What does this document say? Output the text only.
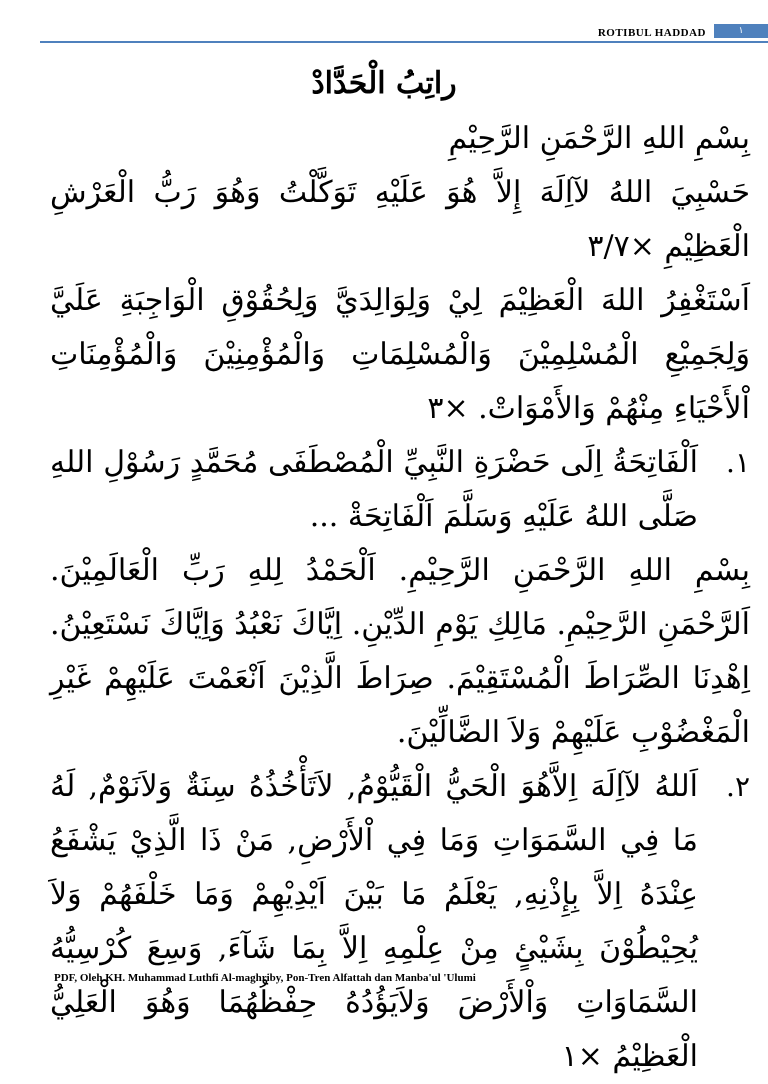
ROTIBUL HADDAD	١
راتِبُ الْحَدَّادْ

بِسْمِ اللهِ الرَّحْمَنِ الرَّحِيْمِ

حَسْبِيَ اللهُ لآاِلَهَ إِلاَّ هُوَ عَلَيْهِ تَوَكَّلْتُ وَهُوَ رَبُّ الْعَرْشِ الْعَظِيْمِ ×٣/٧

اَسْتَغْفِرُ اللهَ الْعَظِيْمَ لِيْ وَلِوَالِدَيَّ وَلِحُقُوْقِ الْوَاجِبَةِ عَلَيَّ وَلِجَمِيْعِ الْمُسْلِمِيْنَ وَالْمُسْلِمَاتِ وَالْمُؤْمِنِيْنَ وَالْمُؤْمِنَاتِ اْلأَحْيَاءِ مِنْهُمْ وَالأَمْوَاتْ. ×٣

١.

اَلْفَاتِحَةُ اِلَى حَضْرَةِ النَّبِيِّ الْمُصْطَفَى مُحَمَّدٍ رَسُوْلِ اللهِ صَلَّى اللهُ عَلَيْهِ وَسَلَّمَ اَلْفَاتِحَةْ ...

بِسْمِ اللهِ الرَّحْمَنِ الرَّحِيْمِ. اَلْحَمْدُ لِلهِ رَبِّ الْعَالَمِيْنَ. اَلرَّحْمَنِ الرَّحِيْمِ. مَالِكِ يَوْمِ الدِّيْنِ. اِيَّاكَ نَعْبُدُ وَاِيَّاكَ نَسْتَعِيْنُ. اِهْدِنَا الصِّرَاطَ الْمُسْتَقِيْمَ. صِرَاطَ الَّذِيْنَ اَنْعَمْتَ عَلَيْهِمْ غَيْرِ الْمَغْضُوْبِ عَلَيْهِمْ وَلاَ الضَّالِّيْنَ.

٢.

اَللهُ لآاِلَهَ اِلاَّهُوَ الْحَيُّ الْقَيُّوْمُ, لاَتَأْخُذُهُ سِنَةٌ وَلاَنَوْمٌ, لَهُ مَا فِي السَّمَوَاتِ وَمَا فِي اْلأَرْضِ, مَنْ ذَا الَّذِيْ يَشْفَعُ عِنْدَهُ اِلاَّ بِإِذْنِهِ, يَعْلَمُ مَا بَيْنَ اَيْدِيْهِمْ وَمَا خَلْفَهُمْ وَلاَ يُحِيْطُوْنَ بِشَيْئٍ مِنْ عِلْمِهِ اِلاَّ بِمَا شَآءَ, وَسِعَ كُرْسِيُّهُ السَّمَاوَاتِ وَاْلأَرْضَ وَلاَيَؤُدُهُ حِفْظُهُمَا وَهُوَ الْعَلِيُّ الْعَظِيْمُ ×١

PDF, Oleh KH. Muhammad Luthfi Al-maghriby, Pon-Tren Alfattah dan Manba'ul 'Ulumi
